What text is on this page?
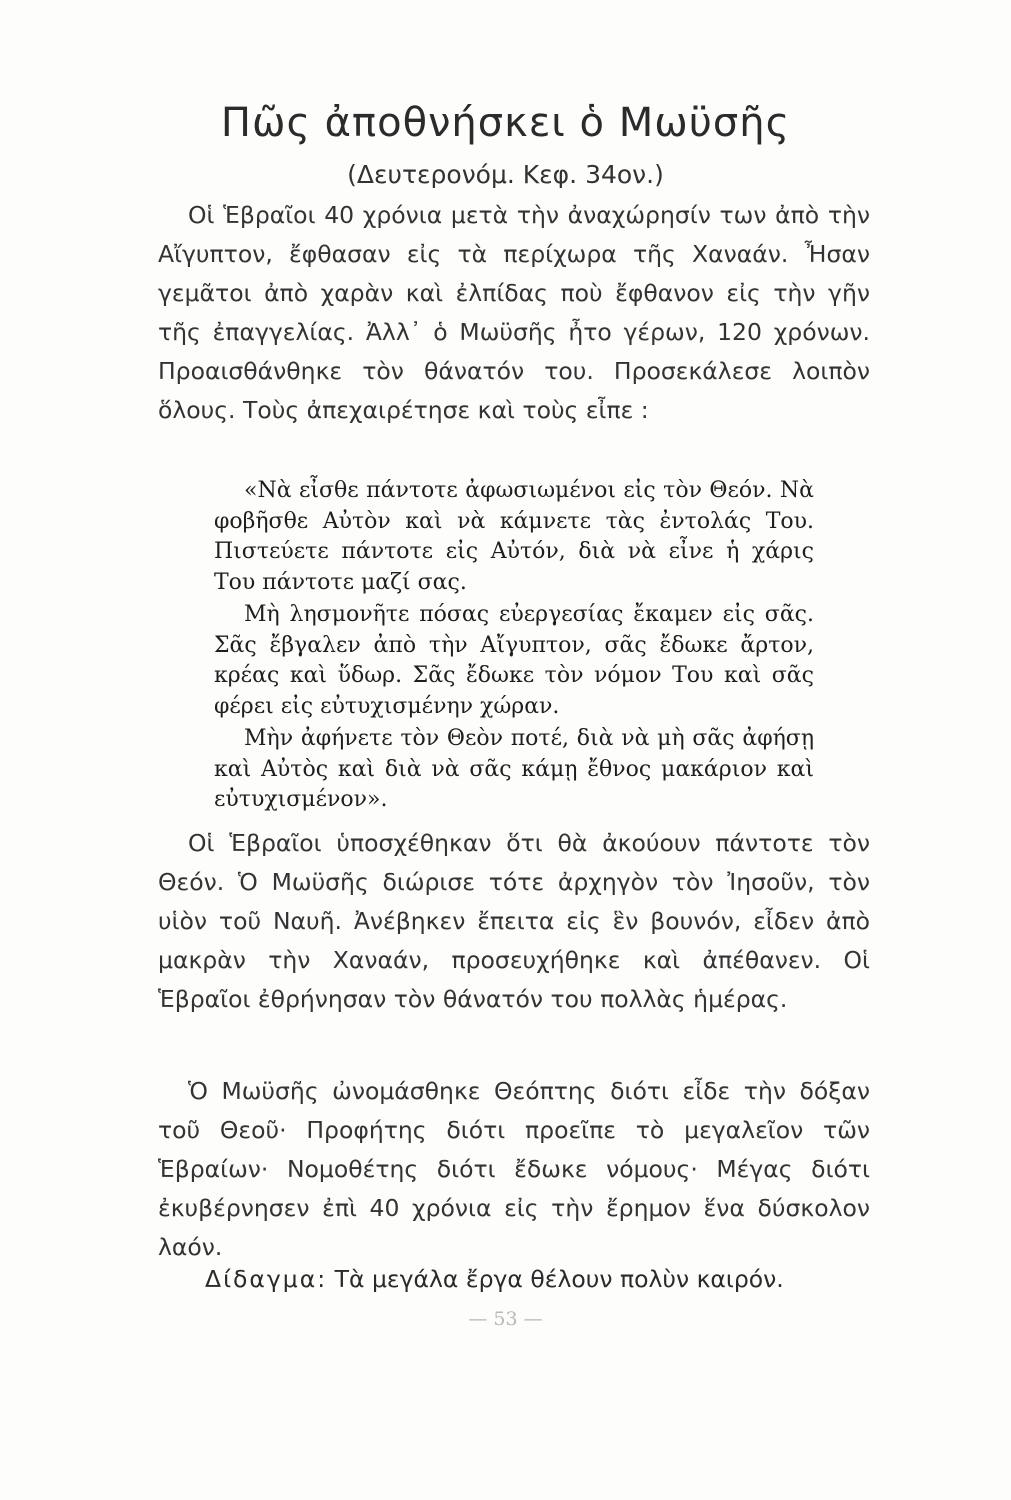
Πῶς ἀποθνήσκει ὁ Μωϋσῆς
(Δευτερονόμ. Κεφ. 34ον.)

Οἱ Ἑβραῖοι 40 χρόνια μετὰ τὴν ἀναχώρησίν των ἀπὸ τὴν Αἴγυπτον, ἔφθασαν εἰς τὰ περίχωρα τῆς Χαναάν. Ἦσαν γεμᾶτοι ἀπὸ χαρὰν καὶ ἐλπίδας ποὺ ἔφθανον εἰς τὴν γῆν τῆς ἐπαγγελίας. Ἀλλ᾽ ὁ Μωϋσῆς ἦτο γέρων, 120 χρόνων. Προαισθάνθηκε τὸν θάνατόν του. Προσεκάλεσε λοιπὸν ὅλους. Τοὺς ἀπεχαιρέτησε καὶ τοὺς εἶπε :

«Νὰ εἶσθε πάντοτε ἀφωσιωμένοι εἰς τὸν Θεόν. Νὰ φοβῆσθε Αὐτὸν καὶ νὰ κάμνετε τὰς ἐντολάς Του. Πιστεύετε πάντοτε εἰς Αὐτόν, διὰ νὰ εἶνε ἡ χάρις Του πάντοτε μαζί σας.

Μὴ λησμονῆτε πόσας εὐεργεσίας ἔκαμεν εἰς σᾶς. Σᾶς ἔβγαλεν ἀπὸ τὴν Αἴγυπτον, σᾶς ἔδωκε ἄρτον, κρέας καὶ ὕδωρ. Σᾶς ἔδωκε τὸν νόμον Του καὶ σᾶς φέρει εἰς εὐτυχισμένην χώραν.

Μὴν ἀφήνετε τὸν Θεὸν ποτέ, διὰ νὰ μὴ σᾶς ἀφήσῃ καὶ Αὐτὸς καὶ διὰ νὰ σᾶς κάμῃ ἔθνος μακάριον καὶ εὐτυχισμένον».

Οἱ Ἑβραῖοι ὑποσχέθηκαν ὅτι θὰ ἀκούουν πάντοτε τὸν Θεόν. Ὁ Μωϋσῆς διώρισε τότε ἀρχηγὸν τὸν Ἰησοῦν, τὸν υἱὸν τοῦ Ναυῆ. Ἀνέβηκεν ἔπειτα εἰς ἓν βουνόν, εἶδεν ἀπὸ μακρὰν τὴν Χαναάν, προσευχήθηκε καὶ ἀπέθανεν. Οἱ Ἑβραῖοι ἐθρήνησαν τὸν θάνατόν του πολλὰς ἡμέρας.

Ὁ Μωϋσῆς ὠνομάσθηκε Θεόπτης διότι εἶδε τὴν δόξαν τοῦ Θεοῦ· Προφήτης διότι προεῖπε τὸ μεγαλεῖον τῶν Ἑβραίων· Νομοθέτης διότι ἔδωκε νόμους· Μέγας διότι ἐκυβέρνησεν ἐπὶ 40 χρόνια εἰς τὴν ἔρημον ἕνα δύσκολον λαόν.

Δίδαγμα: Τὰ μεγάλα ἔργα θέλουν πολὺν καιρόν.
— 53 —
